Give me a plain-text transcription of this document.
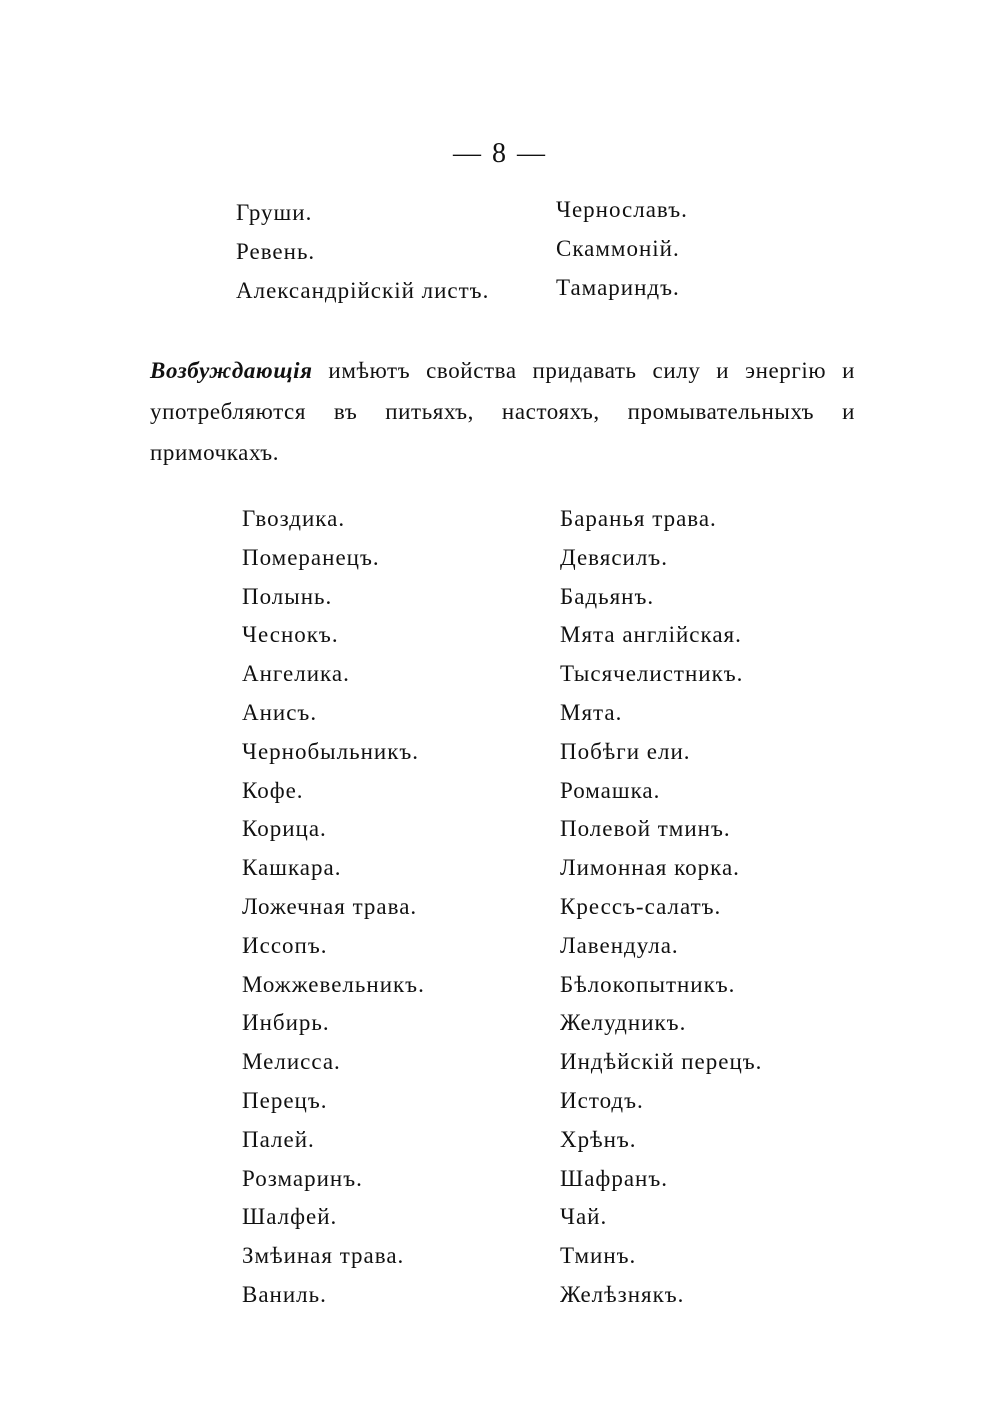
— 8 —
Груши.
Ревень.
Александрійскій листъ.
Чернославъ.
Скаммоній.
Тамариндъ.

Возбуждающія имѣютъ свойства придавать силу и энергію и употребляются въ питьяхъ, настояхъ, промывательныхъ и примочкахъ.

Гвоздика.
Померанецъ.
Полынь.
Чеснокъ.
Ангелика.
Анисъ.
Чернобыльникъ.
Кофе.
Корица.
Кашкара.
Ложечная трава.
Иссопъ.
Можжевельникъ.
Инбирь.
Мелисса.
Перецъ.
Палей.
Розмаринъ.
Шалфей.
Змѣиная трава.
Ваниль.
Баранья трава.
Девясилъ.
Бадьянъ.
Мята англійская.
Тысячелистникъ.
Мята.
Побѣги ели.
Ромашка.
Полевой тминъ.
Лимонная корка.
Крессъ-салатъ.
Лавендула.
Бѣлокопытникъ.
Желудникъ.
Индѣйскій перецъ.
Истодъ.
Хрѣнъ.
Шафранъ.
Чай.
Тминъ.
Желѣзнякъ.
